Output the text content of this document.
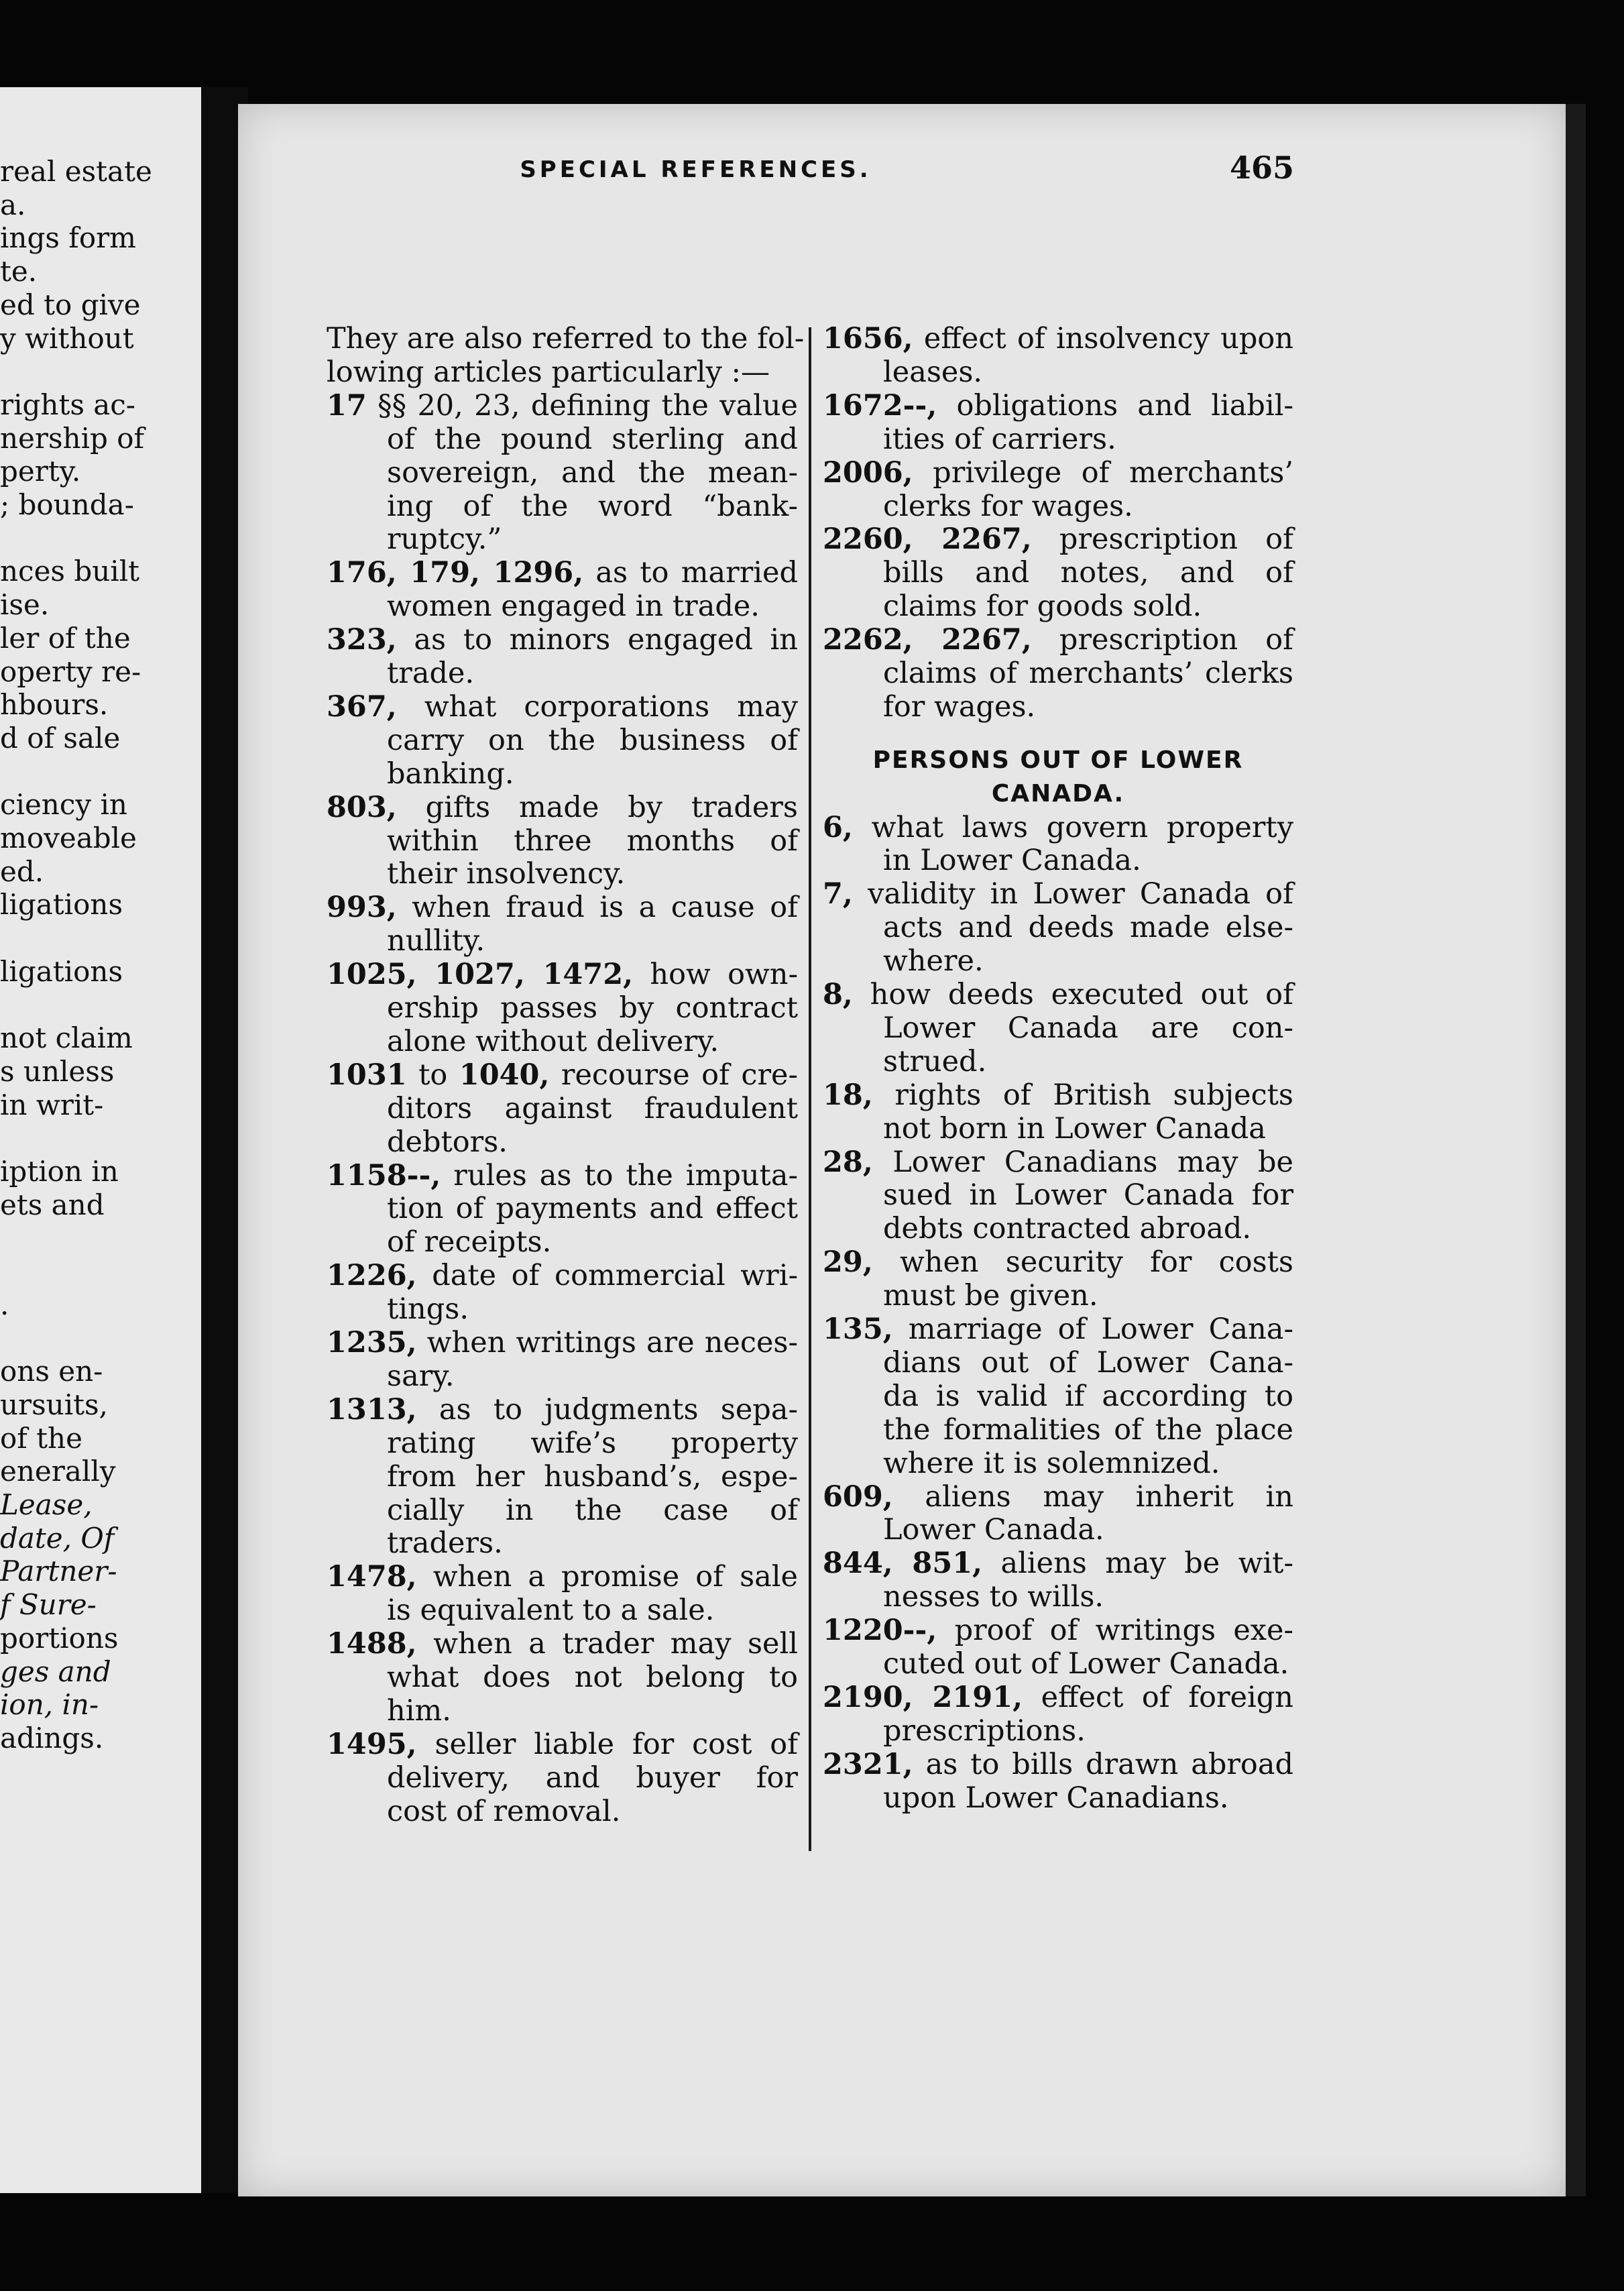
real estate
a.
ings form
te.
ed to give
y without
rights ac-
nership of
perty.
; bounda-
nces built
ise.
ler of the
operty re-
hbours.
d of sale
ciency in
moveable
ed.
ligations
ligations
not claim
s unless
in writ-
iption in
ets and
.
ons en-
ursuits,
of the
enerally
Lease,
date, Of
Partner-
f Sure-
portions
ges and
ion, in-
adings.
SPECIAL REFERENCES.	465
They are also referred to the fol-
lowing articles particularly :—
17 §§ 20, 23, defining the value
of the pound sterling and
sovereign, and the mean-
ing of the word “bank-
ruptcy.”
176, 179, 1296, as to married
women engaged in trade.
323, as to minors engaged in
trade.
367, what corporations may
carry on the business of
banking.
803, gifts made by traders
within three months of
their insolvency.
993, when fraud is a cause of
nullity.
1025, 1027, 1472, how own-
ership passes by contract
alone without delivery.
1031 to 1040, recourse of cre-
ditors against fraudulent
debtors.
1158--, rules as to the imputa-
tion of payments and effect
of receipts.
1226, date of commercial wri-
tings.
1235, when writings are neces-
sary.
1313, as to judgments sepa-
rating wife’s property
from her husband’s, espe-
cially in the case of
traders.
1478, when a promise of sale
is equivalent to a sale.
1488, when a trader may sell
what does not belong to
him.
1495, seller liable for cost of
delivery, and buyer for
cost of removal.
1656, effect of insolvency upon
leases.
1672--, obligations and liabil-
ities of carriers.
2006, privilege of merchants’
clerks for wages.
2260, 2267, prescription of
bills and notes, and of
claims for goods sold.
2262, 2267, prescription of
claims of merchants’ clerks
for wages.
PERSONS OUT OF LOWER
CANADA.
6, what laws govern property
in Lower Canada.
7, validity in Lower Canada of
acts and deeds made else-
where.
8, how deeds executed out of
Lower Canada are con-
strued.
18, rights of British subjects
not born in Lower Canada
28, Lower Canadians may be
sued in Lower Canada for
debts contracted abroad.
29, when security for costs
must be given.
135, marriage of Lower Cana-
dians out of Lower Cana-
da is valid if according to
the formalities of the place
where it is solemnized.
609, aliens may inherit in
Lower Canada.
844, 851, aliens may be wit-
nesses to wills.
1220--, proof of writings exe-
cuted out of Lower Canada.
2190, 2191, effect of foreign
prescriptions.
2321, as to bills drawn abroad
upon Lower Canadians.
